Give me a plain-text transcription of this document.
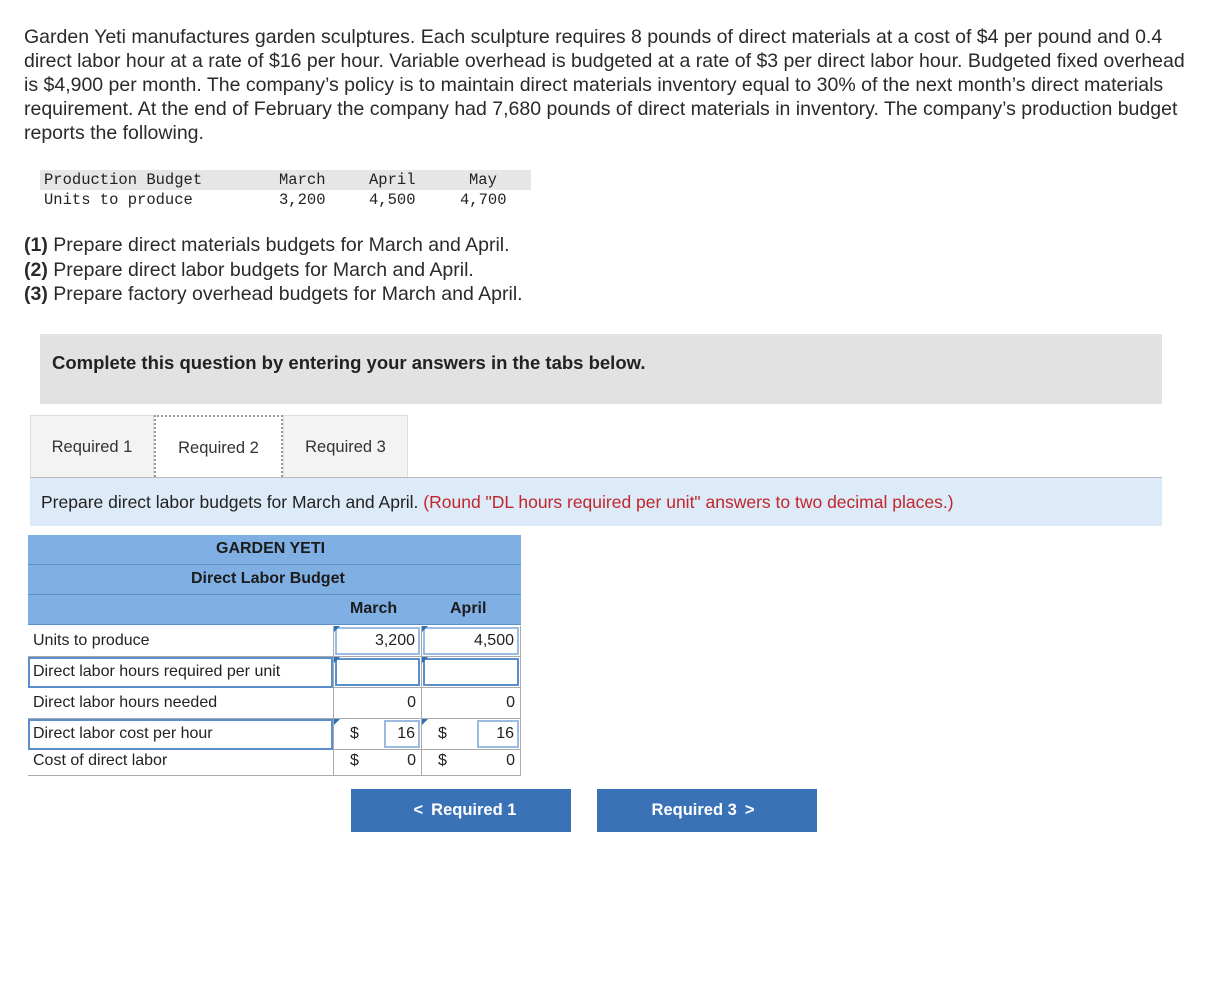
Garden Yeti manufactures garden sculptures. Each sculpture requires 8 pounds of direct materials at a cost of $4 per pound and 0.4 direct labor hour at a rate of $16 per hour. Variable overhead is budgeted at a rate of $3 per direct labor hour. Budgeted fixed overhead is $4,900 per month. The company’s policy is to maintain direct materials inventory equal to 30% of the next month’s direct materials requirement. At the end of February the company had 7,680 pounds of direct materials in inventory. The company’s production budget reports the following.
Production Budget	March	April	May
Units to produce	3,200	4,500	4,700
(1) Prepare direct materials budgets for March and April.
(2) Prepare direct labor budgets for March and April.
(3) Prepare factory overhead budgets for March and April.
Complete this question by entering your answers in the tabs below.
Required 1	Required 2	Required 3
Prepare direct labor budgets for March and April. (Round "DL hours required per unit" answers to two decimal places.)
GARDEN YETI
Direct Labor Budget
March	April
Units to produce	3,200	4,500
Direct labor hours required per unit
Direct labor hours needed	0	0
Direct labor cost per hour	$	16	$	16
Cost of direct labor	$	0 $	0
< Required 1	Required 3 >
